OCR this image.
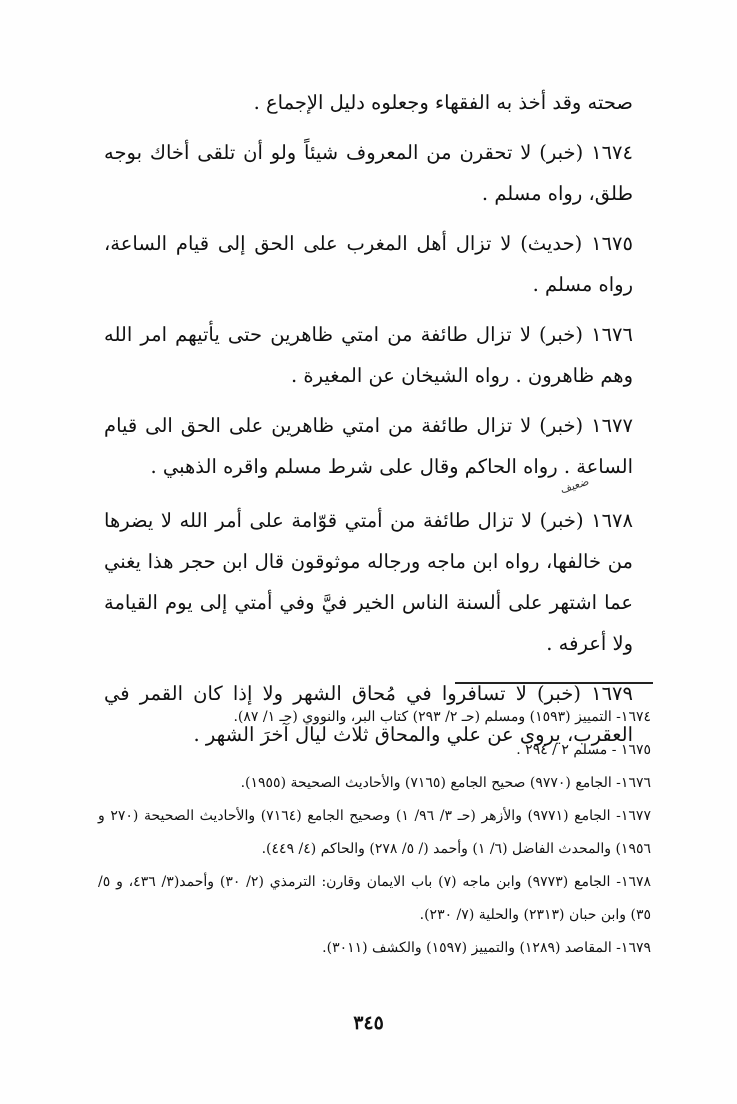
صحته وقد أخذ به الفقهاء وجعلوه دليل الإجماع .

١٦٧٤ (خبر) لا تحقرن من المعروف شيئاً ولو أن تلقى أخاك بوجه طلق، رواه مسلم .

١٦٧٥ (حديث) لا تزال أهل المغرب على الحق إلى قيام الساعة، رواه مسلم .

١٦٧٦ (خبر) لا تزال طائفة من امتي ظاهرين حتى يأتيهم امر الله وهم ظاهرون . رواه الشيخان عن المغيرة .

١٦٧٧ (خبر) لا تزال طائفة من امتي ظاهرين على الحق الى قيام الساعة . رواه الحاكم وقال على شرط مسلم واقره الذهبي .

١٦٧٨ (خبر) لا تزال طائفة من أمتي قوّامة على أمر الله لا يضرها من خالفها، رواه ابن ماجه ورجاله موثوقون قال ابن حجر هذا يغني عما اشتهر على ألسنة الناس الخير فيَّ وفي أمتي إلى يوم القيامة ولا أعرفه .

١٦٧٩ (خبر) لا تسافروا في مُحاق الشهر ولا إذا كان القمر في العقرب، يروى عن علي والمحاق ثلاث ليال آخرَ الشهر .

ضعيف

١٦٧٤- التمييز (١٥٩٣) ومسلم (حـ ٢/ ٢٩٣) كتاب البر، والنووي (حـ ١/ ٨٧).

١٦٧٥ - مسلم ٢ / ٢٩٤ .

١٦٧٦- الجامع (٩٧٧٠) صحيح الجامع (٧١٦٥) والأحاديث الصحيحة (١٩٥٥).

١٦٧٧- الجامع (٩٧٧١) والأزهر (حـ ٣/ ٩٦/ ١) وصحيح الجامع (٧١٦٤) والأحاديث الصحيحة (٢٧٠ و ١٩٥٦) والمحدث الفاضل (٦/ ١) وأحمد (/ ٥/ ٢٧٨) والحاكم (٤/ ٤٤٩).

١٦٧٨- الجامع (٩٧٧٣) وابن ماجه (٧) باب الايمان وقارن: الترمذي (٢/ ٣٠) وأحمد(٣/ ٤٣٦، و ٥/ ٣٥) وابن حبان (٢٣١٣) والحلية (٧/ ٢٣٠).

١٦٧٩- المقاصد (١٢٨٩) والتمييز (١٥٩٧) والكشف (٣٠١١).

٣٤٥
